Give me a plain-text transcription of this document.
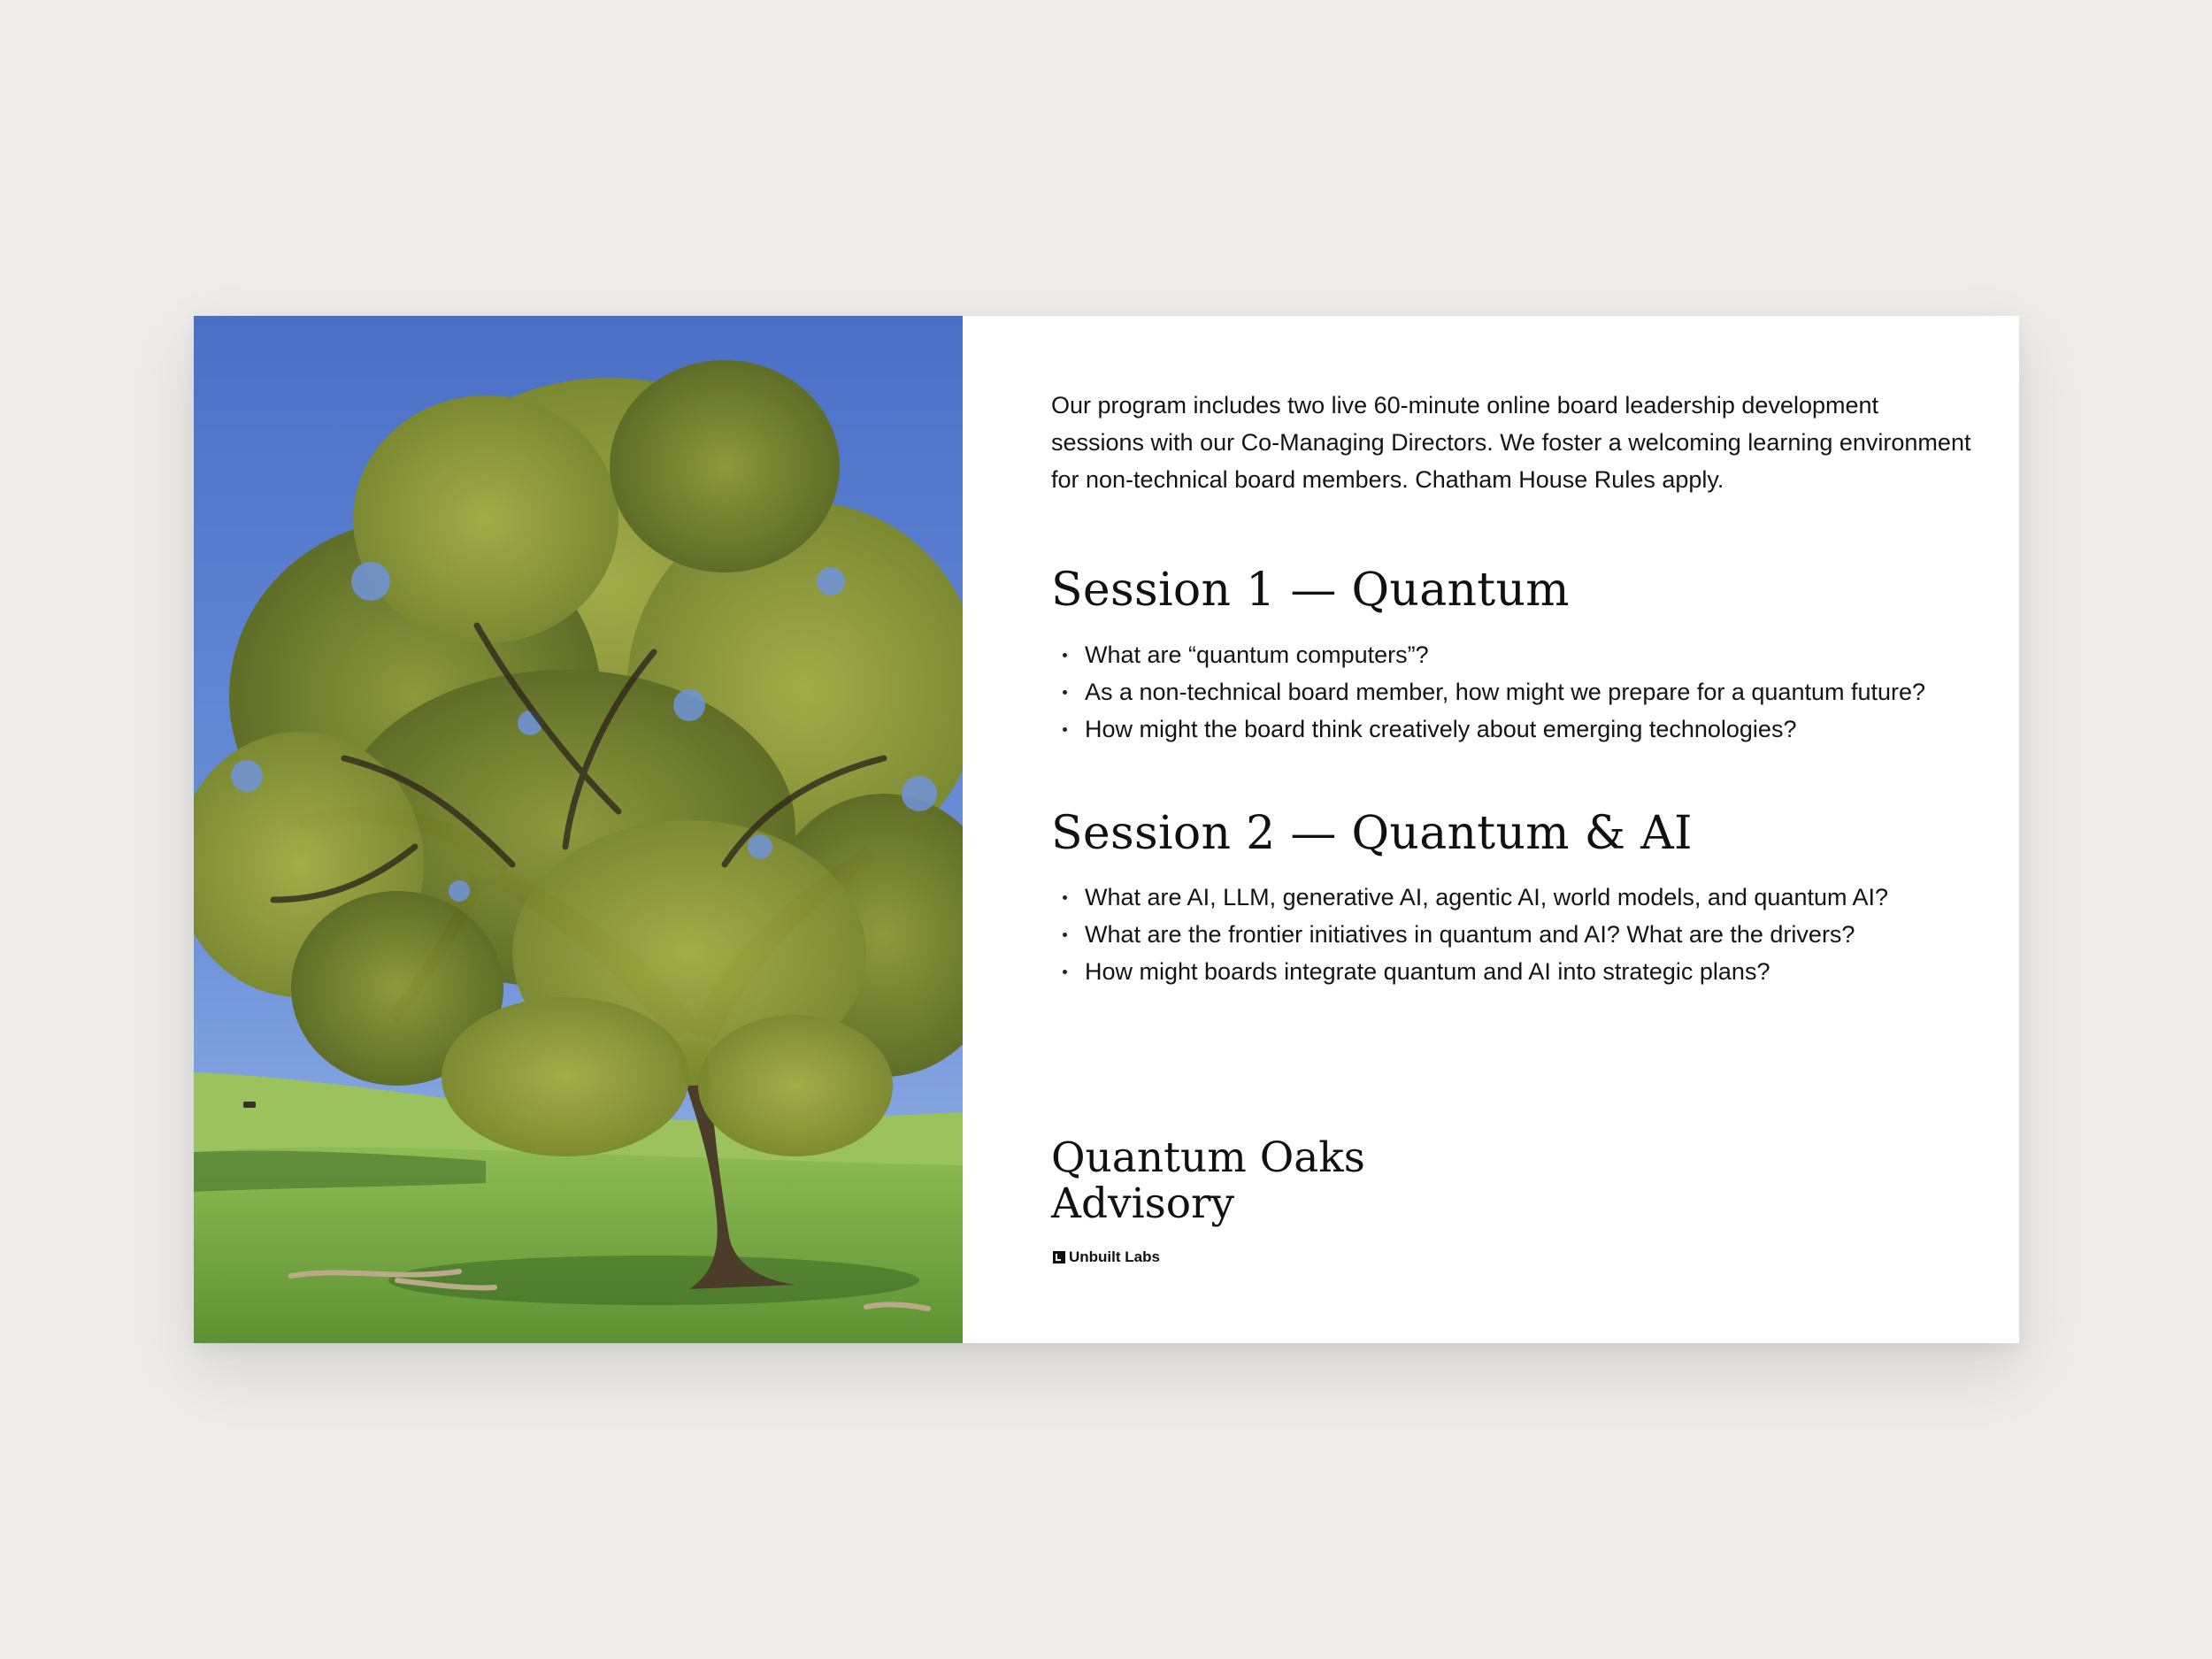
Our program includes two live 60-minute online board leadership development sessions with our Co-Managing Directors. We foster a welcoming learning environment for non-technical board members. Chatham House Rules apply.

Session 1 — Quantum
What are “quantum computers”?
As a non-technical board member, how might we prepare for a quantum future?
How might the board think creatively about emerging technologies?
Session 2 — Quantum & AI
What are AI, LLM, generative AI, agentic AI, world models, and quantum AI?
What are the frontier initiatives in quantum and AI? What are the drivers?
How might boards integrate quantum and AI into strategic plans?
Quantum Oaks
Advisory
Unbuilt Labs
